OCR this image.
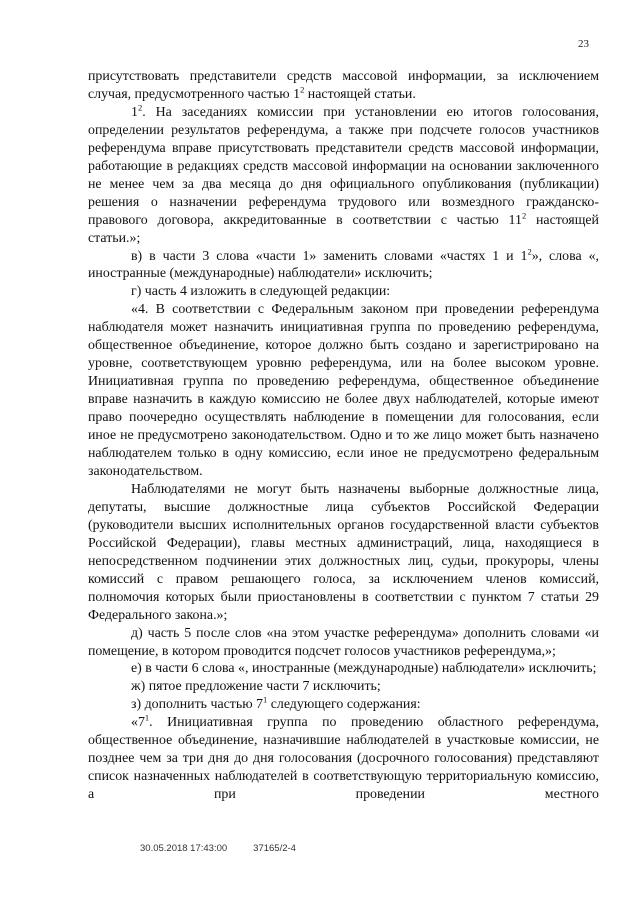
23

присутствовать представители средств массовой информации, за исключением случая, предусмотренного частью $1^2$ настоящей статьи.

$1^2$. На заседаниях комиссии при установлении ею итогов голосования, определении результатов референдума, а также при подсчете голосов участников референдума вправе присутствовать представители средств массовой информации, работающие в редакциях средств массовой информации на основании заключенного не менее чем за два месяца до дня официального опубликования (публикации) решения о назначении референдума трудового или возмездного гражданско-правового договора, аккредитованные в соответствии с частью $11^2$ настоящей статьи.»;

в) в части 3 слова «части 1» заменить словами «частях 1 и $1^2$», слова «, иностранные (международные) наблюдатели» исключить;

г) часть 4 изложить в следующей редакции:

«4. В соответствии с Федеральным законом при проведении референдума наблюдателя может назначить инициативная группа по проведению референдума, общественное объединение, которое должно быть создано и зарегистрировано на уровне, соответствующем уровню референдума, или на более высоком уровне. Инициативная группа по проведению референдума, общественное объединение вправе назначить в каждую комиссию не более двух наблюдателей, которые имеют право поочередно осуществлять наблюдение в помещении для голосования, если иное не предусмотрено законодательством. Одно и то же лицо может быть назначено наблюдателем только в одну комиссию, если иное не предусмотрено федеральным законодательством.

Наблюдателями не могут быть назначены выборные должностные лица, депутаты, высшие должностные лица субъектов Российской Федерации (руководители высших исполнительных органов государственной власти субъектов Российской Федерации), главы местных администраций, лица, находящиеся в непосредственном подчинении этих должностных лиц, судьи, прокуроры, члены комиссий с правом решающего голоса, за исключением членов комиссий, полномочия которых были приостановлены в соответствии с пунктом 7 статьи 29 Федерального закона.»;

д) часть 5 после слов «на этом участке референдума» дополнить словами «и помещение, в котором проводится подсчет голосов участников референдума,»;

е) в части 6 слова «, иностранные (международные) наблюдатели» исключить;

ж) пятое предложение части 7 исключить;

з) дополнить частью $7^1$ следующего содержания:

«$7^1$. Инициативная группа по проведению областного референдума, общественное объединение, назначившие наблюдателей в участковые комиссии, не позднее чем за три дня до дня голосования (досрочного голосования) представляют список назначенных наблюдателей в соответствующую территориальную комиссию, а при проведении местного

30.05.2018 17:43:00	37165/2-4
